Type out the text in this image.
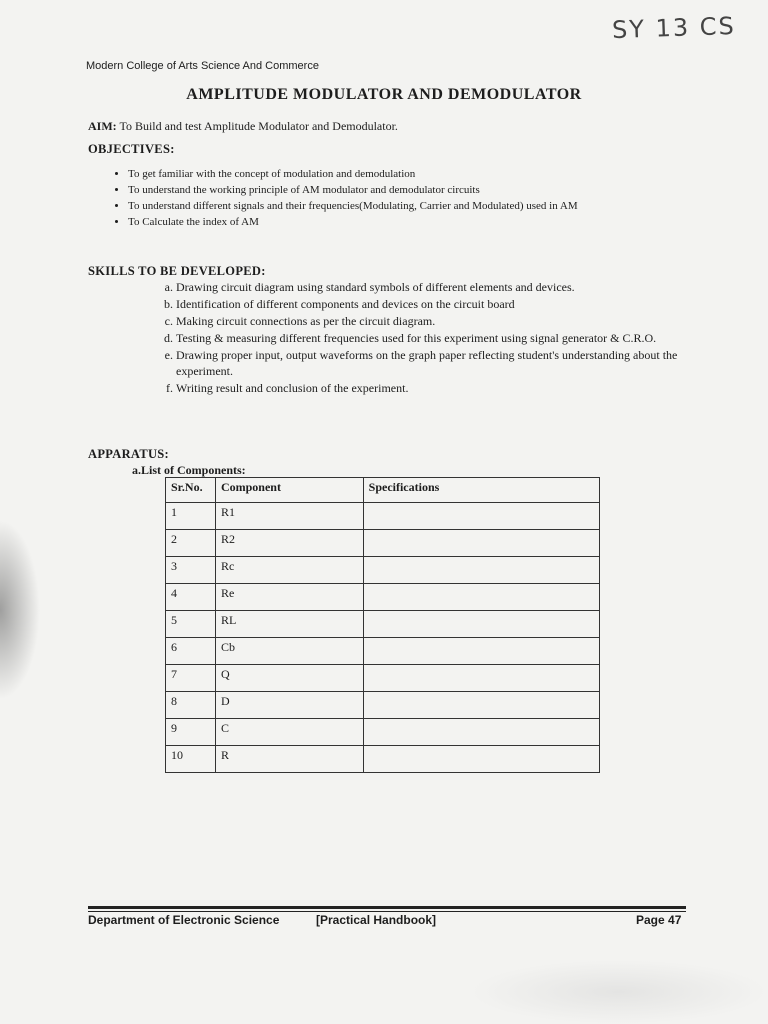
SY 13 CS
Modern College of Arts Science And Commerce
AMPLITUDE MODULATOR AND DEMODULATOR
AIM: To Build and test Amplitude Modulator and Demodulator.
OBJECTIVES:
• To get familiar with the concept of modulation and demodulation
• To understand the working principle of AM modulator and demodulator circuits
• To understand different signals and their frequencies(Modulating, Carrier and Modulated) used in AM
• To Calculate the index of AM
SKILLS TO BE DEVELOPED:
a. Drawing circuit diagram using standard symbols of different elements and devices.
b. Identification of different components and devices on the circuit board
c. Making circuit connections as per the circuit diagram.
d. Testing & measuring different frequencies used for this experiment using signal generator & C.R.O.
e. Drawing proper input, output waveforms on the graph paper reflecting student's understanding about the experiment.
f. Writing result and conclusion of the experiment.
APPARATUS:
a.List of Components:
Sr.No.	Component	Specifications
1	R1	
2	R2	
3	Rc	
4	Re	
5	RL	
6	Cb	
7	Q	
8	D	
9	C	
10	R	
Department of Electronic Science	[Practical Handbook]	Page 47
